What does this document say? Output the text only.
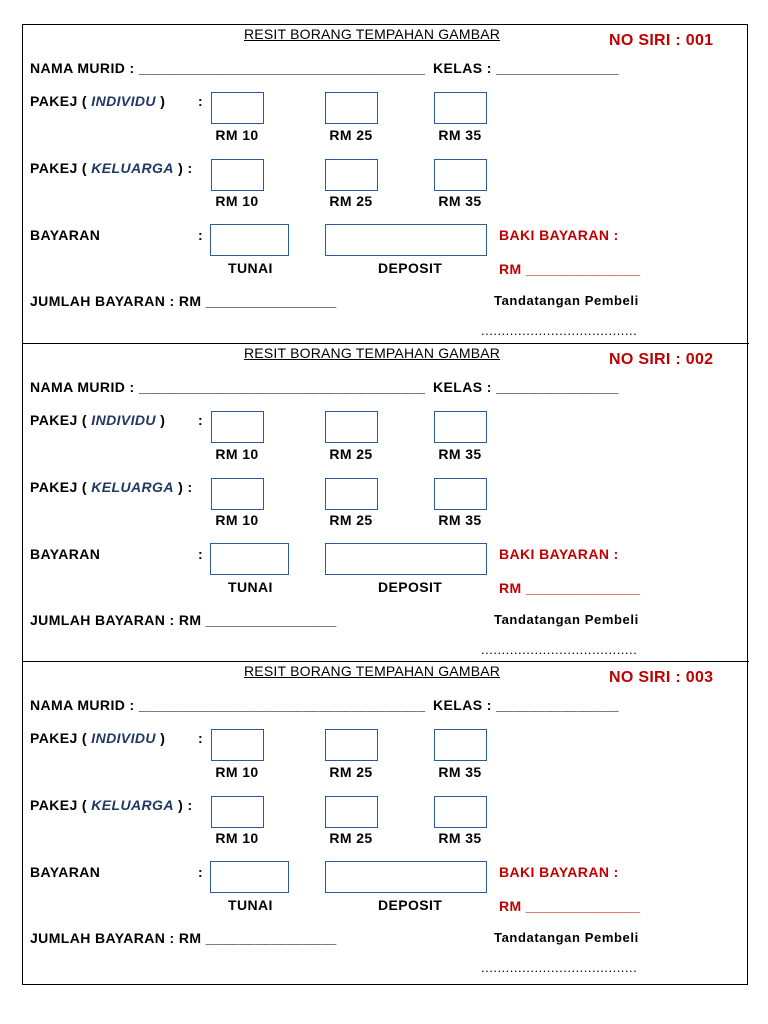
RESIT BORANG TEMPAHAN GAMBAR	NO SIRI : 001
NAMA MURID : ___________________________________ KELAS : _______________
PAKEJ ( INDIVIDU ) :
RM 10	RM 25	RM 35
PAKEJ ( KELUARGA ) :
RM 10	RM 25	RM 35
BAYARAN	:	BAKI BAYARAN :
TUNAI	DEPOSIT	RM ______________
JUMLAH BAYARAN : RM ________________	Tandatangan Pembeli
......................................
RESIT BORANG TEMPAHAN GAMBAR	NO SIRI : 002
NAMA MURID : ___________________________________ KELAS : _______________
PAKEJ ( INDIVIDU ) :
RM 10	RM 25	RM 35
PAKEJ ( KELUARGA ) :
RM 10	RM 25	RM 35
BAYARAN	:	BAKI BAYARAN :
TUNAI	DEPOSIT	RM ______________
JUMLAH BAYARAN : RM ________________	Tandatangan Pembeli
......................................
RESIT BORANG TEMPAHAN GAMBAR	NO SIRI : 003
NAMA MURID : ___________________________________ KELAS : _______________
PAKEJ ( INDIVIDU ) :
RM 10	RM 25	RM 35
PAKEJ ( KELUARGA ) :
RM 10	RM 25	RM 35
BAYARAN	:	BAKI BAYARAN :
TUNAI	DEPOSIT	RM ______________
JUMLAH BAYARAN : RM ________________	Tandatangan Pembeli
......................................
